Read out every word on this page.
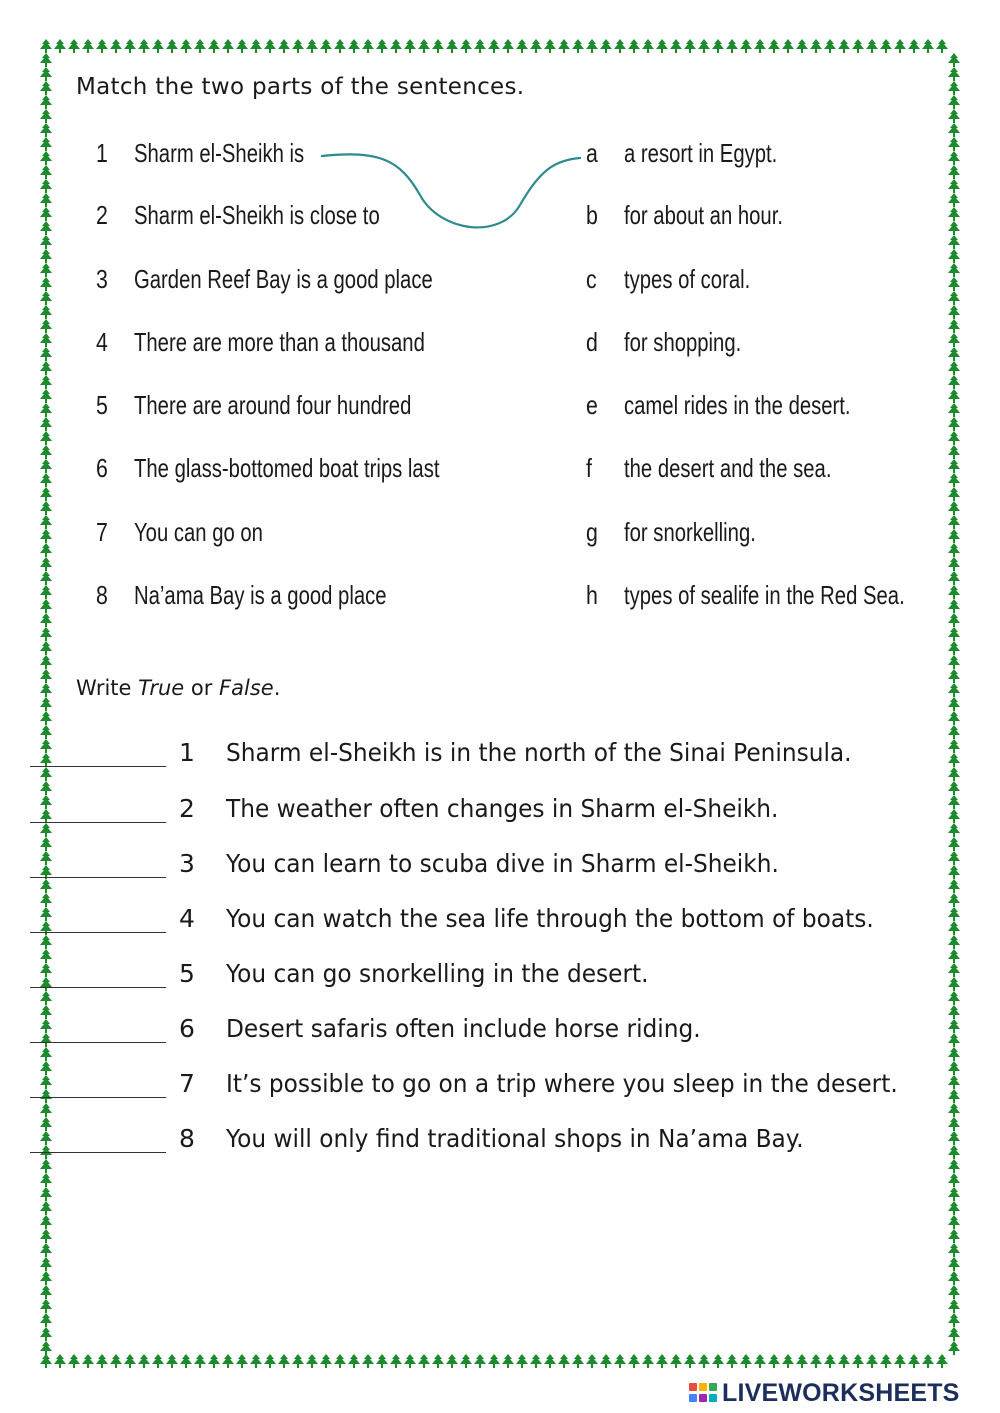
Match the two parts of the sentences.
1 Sharm el-Sheikh is	a a resort in Egypt.
2 Sharm el-Sheikh is close to	b for about an hour.
3 Garden Reef Bay is a good place	c types of coral.
4 There are more than a thousand	d for shopping.
5 There are around four hundred	e camel rides in the desert.
6 The glass-bottomed boat trips last	f the desert and the sea.
7 You can go on	g for snorkelling.
8 Na’ama Bay is a good place	h types of sealife in the Red Sea.
Write True or False.
1 Sharm el-Sheikh is in the north of the Sinai Peninsula.
2 The weather often changes in Sharm el-Sheikh.
3 You can learn to scuba dive in Sharm el-Sheikh.
4 You can watch the sea life through the bottom of boats.
5 You can go snorkelling in the desert.
6 Desert safaris often include horse riding.
7 It’s possible to go on a trip where you sleep in the desert.
8 You will only find traditional shops in Na’ama Bay.
LIVEWORKSHEETS
